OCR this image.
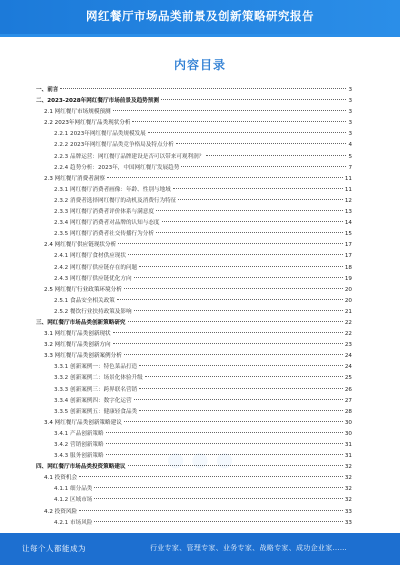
网红餐厅市场品类前景及创新策略研究报告
内容目录
一、前言	3
二、2023-2028年网红餐厅市场前景及趋势预测	3
2.1 网红餐厅市场规模预测	3
2.2 2023年网红餐厅品类现状分析	3
2.2.1 2023年网红餐厅品类规模发展	3
2.2.2 2023年网红餐厅品类竞争格局及特点分析	4
2.2.3 品牌运营：网红餐厅品牌建设是否可以带来可观利润？	5
2.2.4 趋势分析：2023年，中国网红餐厅发展趋势	7
2.3 网红餐厅消费者洞察	11
2.3.1 网红餐厅消费者画像：年龄、性别与地域	11
2.3.2 消费者选择网红餐厅的动机及消费行为特征	12
2.3.3 网红餐厅消费者评价体系与满意度	13
2.3.4 网红餐厅消费者对品牌的认知与态度	14
2.3.5 网红餐厅消费者社交传播行为分析	15
2.4 网红餐厅供应链现状分析	17
2.4.1 网红餐厅食材供应现状	17
2.4.2 网红餐厅供应链存在的问题	18
2.4.3 网红餐厅供应链优化方向	19
2.5 网红餐厅行业政策环境分析	20
2.5.1 食品安全相关政策	20
2.5.2 餐饮行业扶持政策及影响	21
三、网红餐厅市场品类创新策略研究	22
3.1 网红餐厅品类创新现状	22
3.2 网红餐厅品类创新方向	23
3.3 网红餐厅品类创新案例分析	24
3.3.1 创新案例一：特色菜品打造	24
3.3.2 创新案例二：场景化体验升级	25
3.3.3 创新案例三：跨界联名营销	26
3.3.4 创新案例四：数字化运营	27
3.3.5 创新案例五：健康轻食品类	28
3.4 网红餐厅品类创新策略建议	30
3.4.1 产品创新策略	30
3.4.2 营销创新策略	31
3.4.3 服务创新策略	31
四、网红餐厅市场品类投资策略建议	32
4.1 投资机会	32
4.1.1 细分品类	32
4.1.2 区域市场	32
4.2 投资风险	33
4.2.1 市场风险	33
● ● ●
让每个人都能成为	行业专家、管理专家、业务专家、战略专家、成功企业家……
